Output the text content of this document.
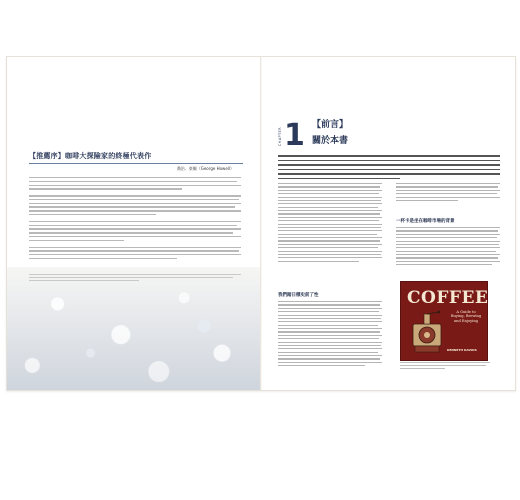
【推薦序】咖啡大探險家的終極代表作
喬治．豪爾（George Howell）
CHAPTER 1 【前言】
關於本書
一杯卡是坐在咖啡市場的背景
我們踏日標史前了性	COFFEE
A Guide to Buying, Brewing and Enjoying
KENNETH DAVIDS
